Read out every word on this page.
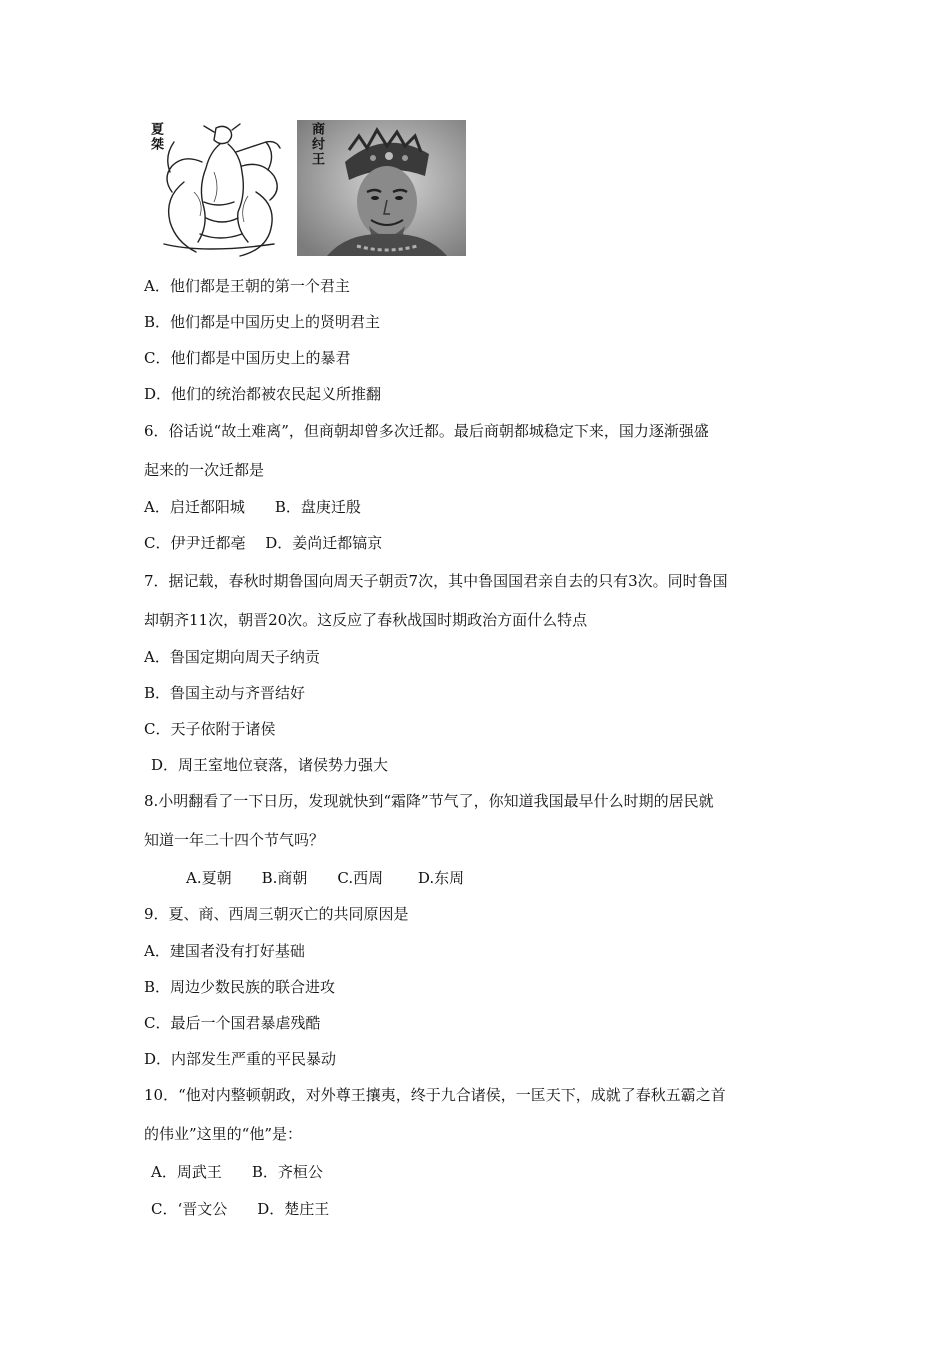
夏桀	商纣王
A．他们都是王朝的第一个君主
B．他们都是中国历史上的贤明君主
C．他们都是中国历史上的暴君
D．他们的统治都被农民起义所推翻
6．俗话说“故土难离”，但商朝却曾多次迁都。最后商朝都城稳定下来，国力逐渐强盛
起来的一次迁都是
A．启迁都阳城　　B．盘庚迁殷
C．伊尹迁都亳　 D．姜尚迁都镐京
7．据记载，春秋时期鲁国向周天子朝贡7次，其中鲁国国君亲自去的只有3次。同时鲁国
却朝齐11次，朝晋20次。这反应了春秋战国时期政治方面什么特点
A．鲁国定期向周天子纳贡
B．鲁国主动与齐晋结好
C．天子依附于诸侯
D．周王室地位衰落，诸侯势力强大
8.小明翻看了一下日历，发现就快到“霜降”节气了，你知道我国最早什么时期的居民就
知道一年二十四个节气吗？
A.夏朝　　B.商朝　　C.西周　　 D.东周
9．夏、商、西周三朝灭亡的共同原因是
A．建国者没有打好基础
B．周边少数民族的联合进攻
C．最后一个国君暴虐残酷
D．内部发生严重的平民暴动
10．“他对内整顿朝政，对外尊王攘夷，终于九合诸侯，一匡天下，成就了春秋五霸之首
的伟业”这里的“他”是：
A．周武王　　B．齐桓公
C．‘晋文公　　D．楚庄王
